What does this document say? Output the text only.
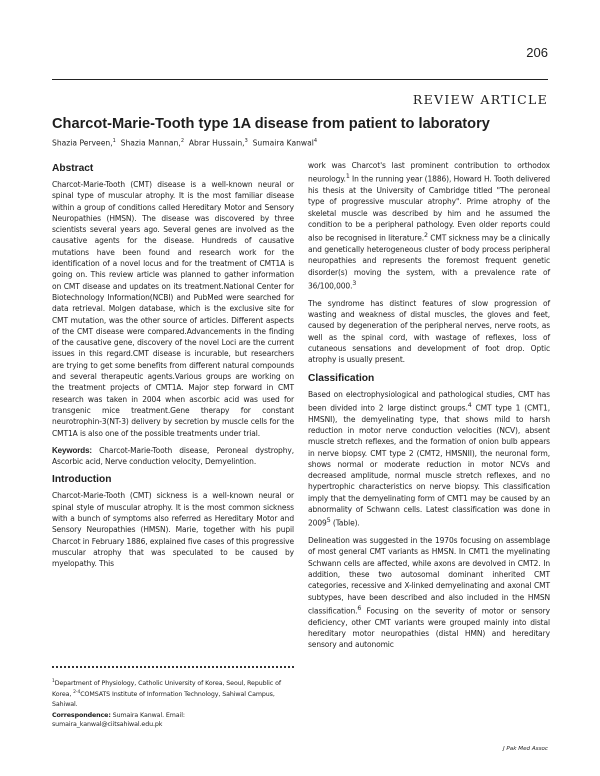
206
REVIEW ARTICLE
Charcot-Marie-Tooth type 1A disease from patient to laboratory
Shazia Perveen,$^1$ Shazia Mannan,$^2$ Abrar Hussain,$^3$ Sumaira Kanwal$^4$
Abstract

Charcot-Marie-Tooth (CMT) disease is a well-known neural or spinal type of muscular atrophy. It is the most familiar disease within a group of conditions called Hereditary Motor and Sensory Neuropathies (HMSN). The disease was discovered by three scientists several years ago. Several genes are involved as the causative agents for the disease. Hundreds of causative mutations have been found and research work for the identification of a novel locus and for the treatment of CMT1A is going on. This review article was planned to gather information on CMT disease and updates on its treatment.National Center for Biotechnology Information(NCBI) and PubMed were searched for data retrieval. Molgen database, which is the exclusive site for CMT mutation, was the other source of articles. Different aspects of the CMT disease were compared.Advancements in the finding of the causative gene, discovery of the novel Loci are the current issues in this regard.CMT disease is incurable, but researchers are trying to get some benefits from different natural compounds and several therapeutic agents.Various groups are working on the treatment projects of CMT1A. Major step forward in CMT research was taken in 2004 when ascorbic acid was used for transgenic mice treatment.Gene therapy for constant neurotrophin-3(NT-3) delivery by secretion by muscle cells for the CMT1A is also one of the possible treatments under trial.

Keywords: Charcot-Marie-Tooth disease, Peroneal dystrophy, Ascorbic acid, Nerve conduction velocity, Demyelintion.

Introduction

Charcot-Marie-Tooth (CMT) sickness is a well-known neural or spinal style of muscular atrophy. It is the most common sickness with a bunch of symptoms also referred as Hereditary Motor and Sensory Neuropathies (HMSN). Marie, together with his pupil Charcot in February 1886, explained five cases of this progressive muscular atrophy that was speculated to be caused by myelopathy. This

work was Charcot's last prominent contribution to orthodox neurology.$^1$ In the running year (1886), Howard H. Tooth delivered his thesis at the University of Cambridge titled "The peroneal type of progressive muscular atrophy". Prime atrophy of the skeletal muscle was described by him and he assumed the condition to be a peripheral pathology. Even older reports could also be recognised in literature.$^2$ CMT sickness may be a clinically and genetically heterogeneous cluster of body process peripheral neuropathies and represents the foremost frequent genetic disorder(s) moving the system, with a prevalence rate of 36/100,000.$^3$

The syndrome has distinct features of slow progression of wasting and weakness of distal muscles, the gloves and feet, caused by degeneration of the peripheral nerves, nerve roots, as well as the spinal cord, with wastage of reflexes, loss of cutaneous sensations and development of foot drop. Optic atrophy is usually present.

Classification

Based on electrophysiological and pathological studies, CMT has been divided into 2 large distinct groups.$^4$ CMT type 1 (CMT1, HMSNI), the demyelinating type, that shows mild to harsh reduction in motor nerve conduction velocities (NCV), absent muscle stretch reflexes, and the formation of onion bulb appears in nerve biopsy. CMT type 2 (CMT2, HMSNII), the neuronal form, shows normal or moderate reduction in motor NCVs and decreased amplitude, normal muscle stretch reflexes, and no hypertrophic characteristics on nerve biopsy. This classification imply that the demyelinating form of CMT1 may be caused by an abnormality of Schwann cells. Latest classification was done in 2009$^5$ (Table).

Delineation was suggested in the 1970s focusing on assemblage of most general CMT variants as HMSN. In CMT1 the myelinating Schwann cells are affected, while axons are devolved in CMT2. In addition, these two autosomal dominant inherited CMT categories, recessive and X-linked demyelinating and axonal CMT subtypes, have been described and also included in the HMSN classification.$^6$ Focusing on the severity of motor or sensory deficiency, other CMT variants were grouped mainly into distal hereditary motor neuropathies (distal HMN) and hereditary sensory and autonomic

$^1$Department of Physiology, Catholic University of Korea, Seoul, Republic of Korea, $^{2-4}$COMSATS Institute of Information Technology, Sahiwal Campus, Sahiwal.

Correspondence: Sumaira Kanwal. Email: sumaira_kanwal@ciitsahiwal.edu.pk

J Pak Med Assoc
